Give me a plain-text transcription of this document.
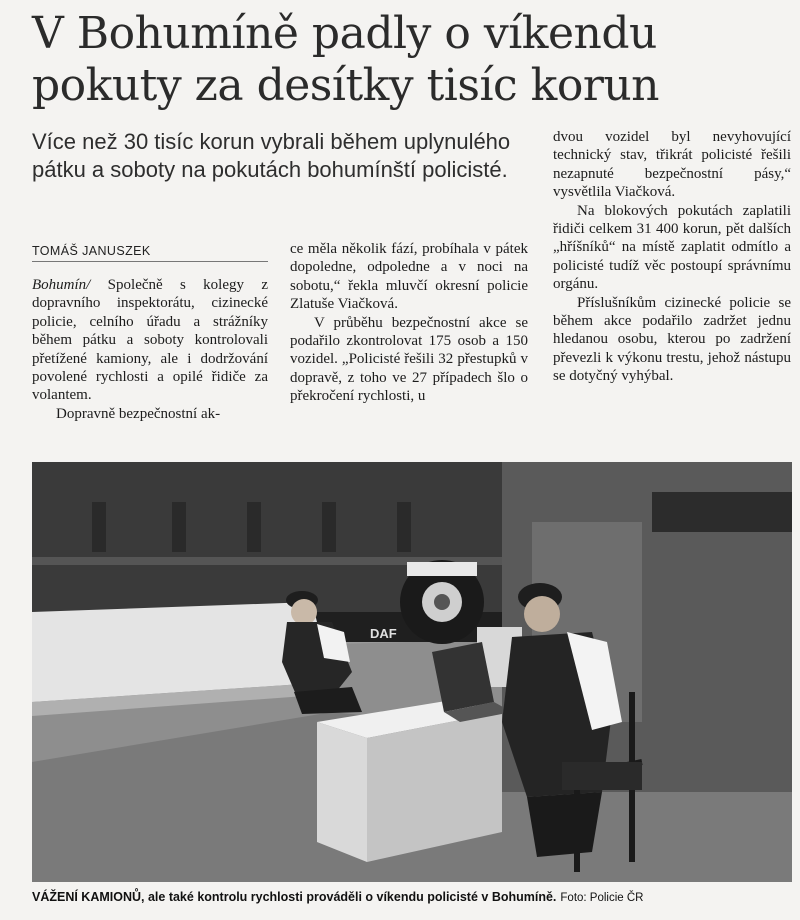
V Bohumíně padly o víkendu
pokuty za desítky tisíc korun

Více než 30 tisíc korun vybrali během uplynulého pátku a soboty na pokutách bohumínští policisté.

TOMÁŠ JANUSZEK

Bohumín/ Společně s kolegy z dopravního inspektorátu, cizinecké policie, celního úřadu a strážníky během pátku a soboty kontrolovali přetížené kamiony, ale i dodržování povolené rychlosti a opilé řidiče za volantem.

Dopravně bezpečnostní ak-

ce měla několik fází, probíhala v pátek dopoledne, odpoledne a v noci na sobotu,“ řekla mluvčí okresní policie Zlatuše Viačková.

V průběhu bezpečnostní akce se podařilo zkontrolovat 175 osob a 150 vozidel. „Policisté řešili 32 přestupků v dopravě, z toho ve 27 případech šlo o překročení rychlosti, u

dvou vozidel byl nevyhovující technický stav, třikrát policisté řešili nezapnuté bezpečnostní pásy,“ vysvětlila Viačková.

Na blokových pokutách zaplatili řidiči celkem 31 400 korun, pět dalších „hříšníků“ na místě zaplatit odmítlo a policisté tudíž věc postoupí správnímu orgánu.

Příslušníkům cizinecké policie se během akce podařilo zadržet jednu hledanou osobu, kterou po zadržení převezli k výkonu trestu, jehož nástupu se dotyčný vyhýbal.

DAF
VÁŽENÍ KAMIONŮ, ale také kontrolu rychlosti prováděli o víkendu policisté v Bohumíně. Foto: Policie ČR
